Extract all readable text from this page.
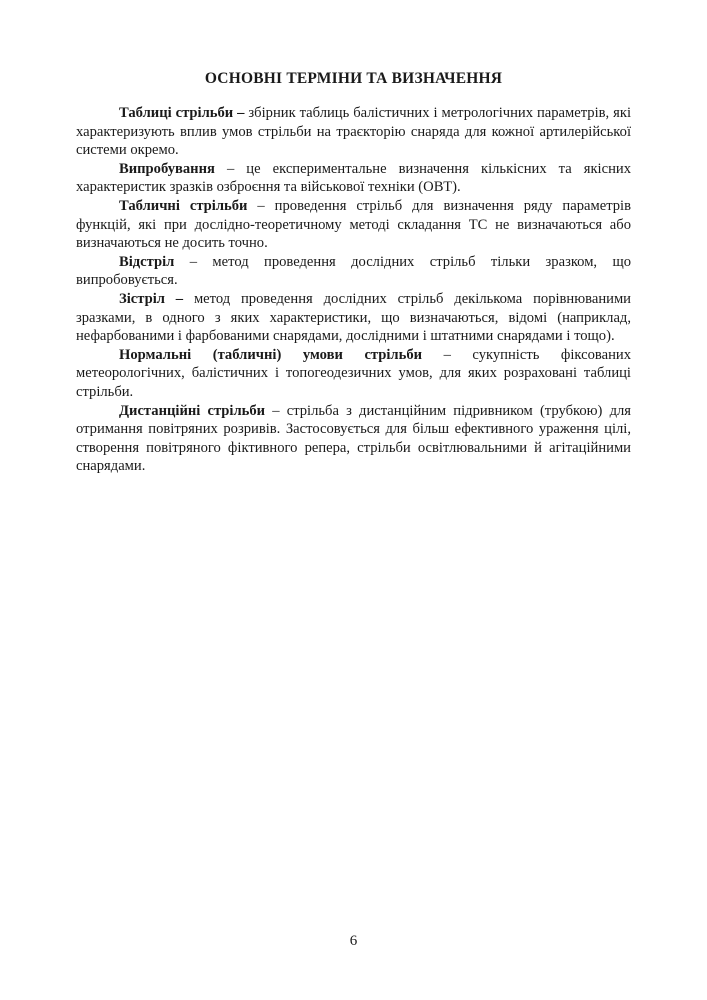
ОСНОВНІ ТЕРМІНИ ТА ВИЗНАЧЕННЯ

Таблиці стрільби – збірник таблиць балістичних і метрологічних параметрів, які характеризують вплив умов стрільби на траєкторію снаряда для кожної артилерійської системи окремо.

Випробування – це експериментальне визначення кількісних та якісних характеристик зразків озброєння та військової техніки (ОВТ).

Табличні стрільби – проведення стрільб для визначення ряду параметрів функцій, які при дослідно-теоретичному методі складання ТС не визначаються або визначаються не досить точно.

Відстріл – метод проведення дослідних стрільб тільки зразком, що випробовується.

Зістріл – метод проведення дослідних стрільб декількома порівнюваними зразками, в одного з яких характеристики, що визначаються, відомі (наприклад, нефарбованими і фарбованими снарядами, дослідними і штатними снарядами і тощо).

Нормальні (табличні) умови стрільби – сукупність фіксованих метеорологічних, балістичних і топогеодезичних умов, для яких розраховані таблиці стрільби.

Дистанційні стрільби – стрільба з дистанційним підривником (трубкою) для отримання повітряних розривів. Застосовується для більш ефективного ураження цілі, створення повітряного фіктивного репера, стрільби освітлювальними й агітаційними снарядами.

6
